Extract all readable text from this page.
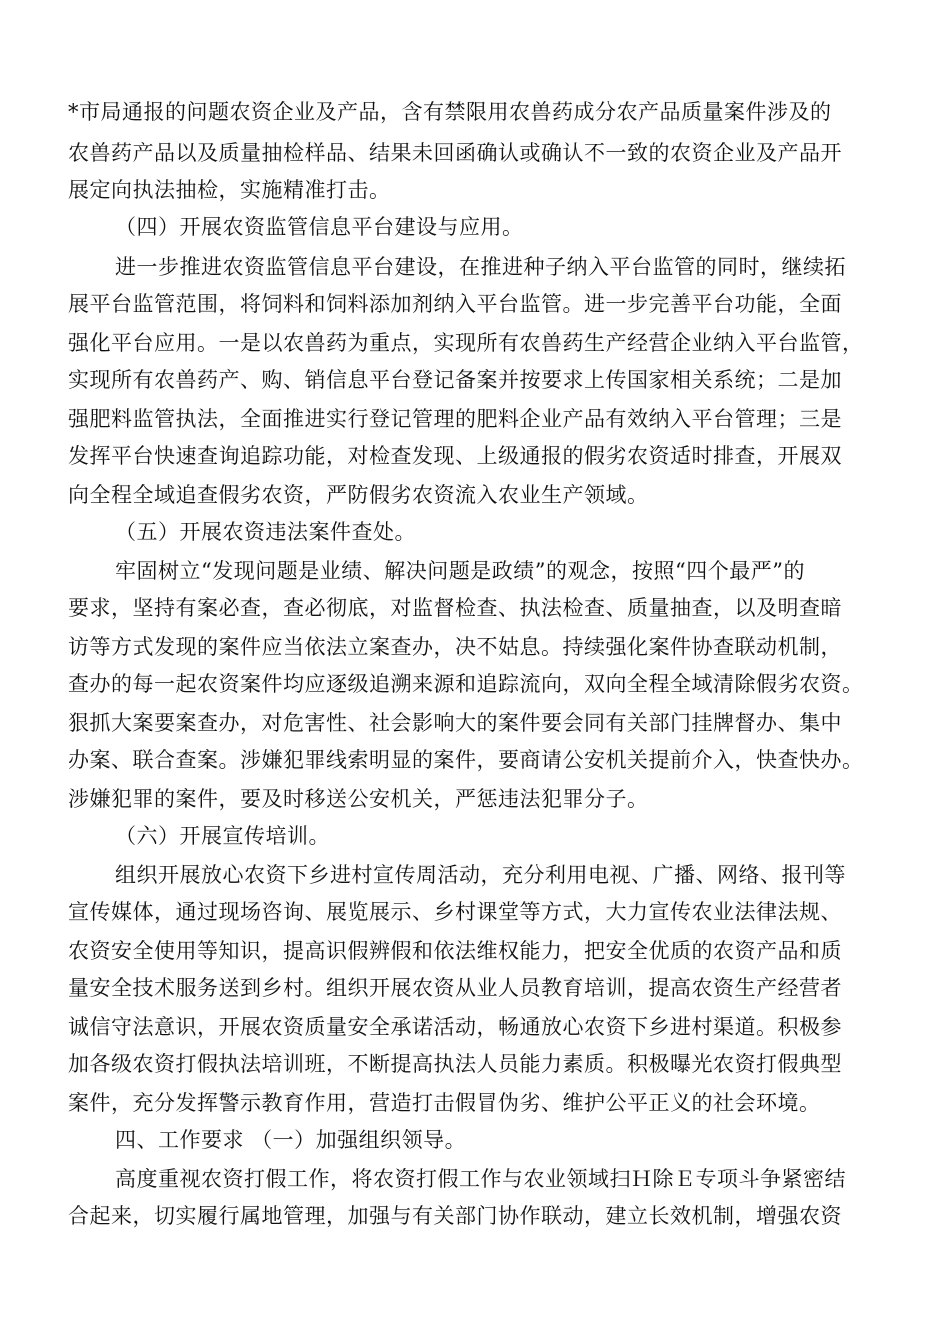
*市局通报的问题农资企业及产品，含有禁限用农兽药成分农产品质量案件涉及的
农兽药产品以及质量抽检样品、结果未回函确认或确认不一致的农资企业及产品开
展定向执法抽检，实施精准打击。
（四）开展农资监管信息平台建设与应用。
进一步推进农资监管信息平台建设，在推进种子纳入平台监管的同时，继续拓
展平台监管范围，将饲料和饲料添加剂纳入平台监管。进一步完善平台功能，全面
强化平台应用。一是以农兽药为重点，实现所有农兽药生产经营企业纳入平台监管，
实现所有农兽药产、购、销信息平台登记备案并按要求上传国家相关系统；二是加
强肥料监管执法，全面推进实行登记管理的肥料企业产品有效纳入平台管理；三是
发挥平台快速查询追踪功能，对检查发现、上级通报的假劣农资适时排查，开展双
向全程全域追查假劣农资，严防假劣农资流入农业生产领域。
（五）开展农资违法案件查处。
牢固树立“发现问题是业绩、解决问题是政绩”的观念，按照“四个最严”的
要求，坚持有案必查，查必彻底，对监督检查、执法检查、质量抽查，以及明查暗
访等方式发现的案件应当依法立案查办，决不姑息。持续强化案件协查联动机制，
查办的每一起农资案件均应逐级追溯来源和追踪流向，双向全程全域清除假劣农资。
狠抓大案要案查办，对危害性、社会影响大的案件要会同有关部门挂牌督办、集中
办案、联合查案。涉嫌犯罪线索明显的案件，要商请公安机关提前介入，快查快办。
涉嫌犯罪的案件，要及时移送公安机关，严惩违法犯罪分子。
（六）开展宣传培训。
组织开展放心农资下乡进村宣传周活动，充分利用电视、广播、网络、报刊等
宣传媒体，通过现场咨询、展览展示、乡村课堂等方式，大力宣传农业法律法规、
农资安全使用等知识，提高识假辨假和依法维权能力，把安全优质的农资产品和质
量安全技术服务送到乡村。组织开展农资从业人员教育培训，提高农资生产经营者
诚信守法意识，开展农资质量安全承诺活动，畅通放心农资下乡进村渠道。积极参
加各级农资打假执法培训班，不断提高执法人员能力素质。积极曝光农资打假典型
案件，充分发挥警示教育作用，营造打击假冒伪劣、维护公平正义的社会环境。
四、工作要求 （一）加强组织领导。
高度重视农资打假工作，将农资打假工作与农业领域扫Ｈ除Ｅ专项斗争紧密结
合起来，切实履行属地管理，加强与有关部门协作联动，建立长效机制，增强农资
